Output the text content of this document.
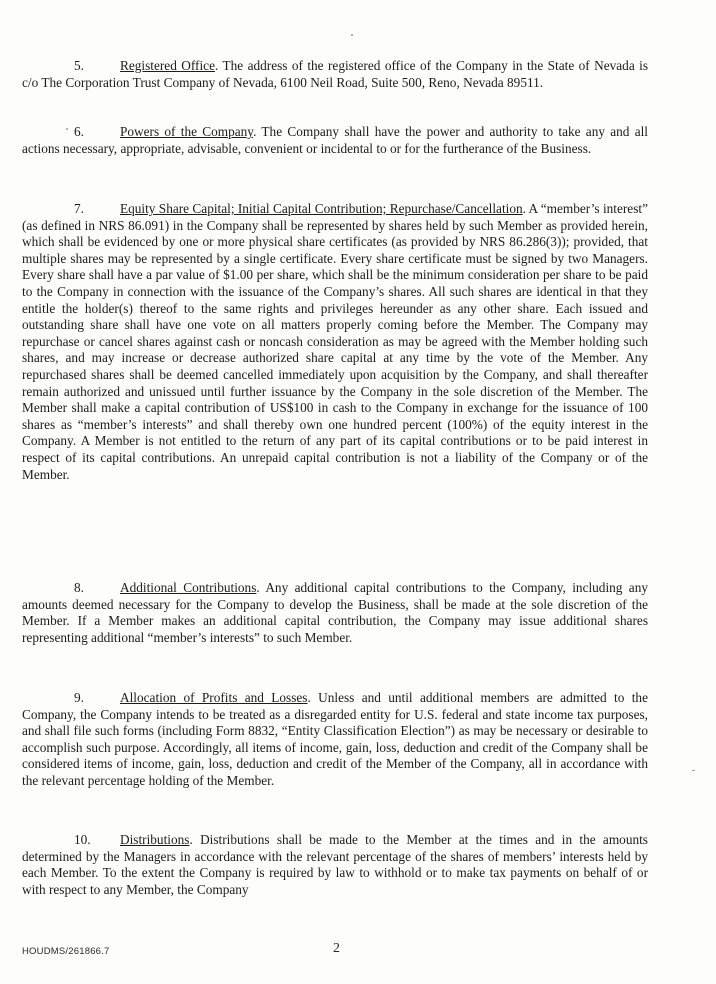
5.	Registered Office. The address of the registered office of the Company in the State of Nevada is c/o The Corporation Trust Company of Nevada, 6100 Neil Road, Suite 500, Reno, Nevada 89511.
6.	Powers of the Company. The Company shall have the power and authority to take any and all actions necessary, appropriate, advisable, convenient or incidental to or for the furtherance of the Business.
7.	Equity Share Capital; Initial Capital Contribution; Repurchase/Cancellation. A “member’s interest” (as defined in NRS 86.091) in the Company shall be represented by shares held by such Member as provided herein, which shall be evidenced by one or more physical share certificates (as provided by NRS 86.286(3)); provided, that multiple shares may be represented by a single certificate. Every share certificate must be signed by two Managers. Every share shall have a par value of $1.00 per share, which shall be the minimum consideration per share to be paid to the Company in connection with the issuance of the Company’s shares. All such shares are identical in that they entitle the holder(s) thereof to the same rights and privileges hereunder as any other share. Each issued and outstanding share shall have one vote on all matters properly coming before the Member. The Company may repurchase or cancel shares against cash or noncash consideration as may be agreed with the Member holding such shares, and may increase or decrease authorized share capital at any time by the vote of the Member. Any repurchased shares shall be deemed cancelled immediately upon acquisition by the Company, and shall thereafter remain authorized and unissued until further issuance by the Company in the sole discretion of the Member. The Member shall make a capital contribution of US$100 in cash to the Company in exchange for the issuance of 100 shares as “member’s interests” and shall thereby own one hundred percent (100%) of the equity interest in the Company. A Member is not entitled to the return of any part of its capital contributions or to be paid interest in respect of its capital contributions. An unrepaid capital contribution is not a liability of the Company or of the Member.
8.	Additional Contributions. Any additional capital contributions to the Company, including any amounts deemed necessary for the Company to develop the Business, shall be made at the sole discretion of the Member. If a Member makes an additional capital contribution, the Company may issue additional shares representing additional “member’s interests” to such Member.
9.	Allocation of Profits and Losses. Unless and until additional members are admitted to the Company, the Company intends to be treated as a disregarded entity for U.S. federal and state income tax purposes, and shall file such forms (including Form 8832, “Entity Classification Election”) as may be necessary or desirable to accomplish such purpose. Accordingly, all items of income, gain, loss, deduction and credit of the Company shall be considered items of income, gain, loss, deduction and credit of the Member of the Company, all in accordance with the relevant percentage holding of the Member.
10. Distributions. Distributions shall be made to the Member at the times and in the amounts determined by the Managers in accordance with the relevant percentage of the shares of members’ interests held by each Member. To the extent the Company is required by law to withhold or to make tax payments on behalf of or with respect to any Member, the Company
HOUDMS/261866.7	2
